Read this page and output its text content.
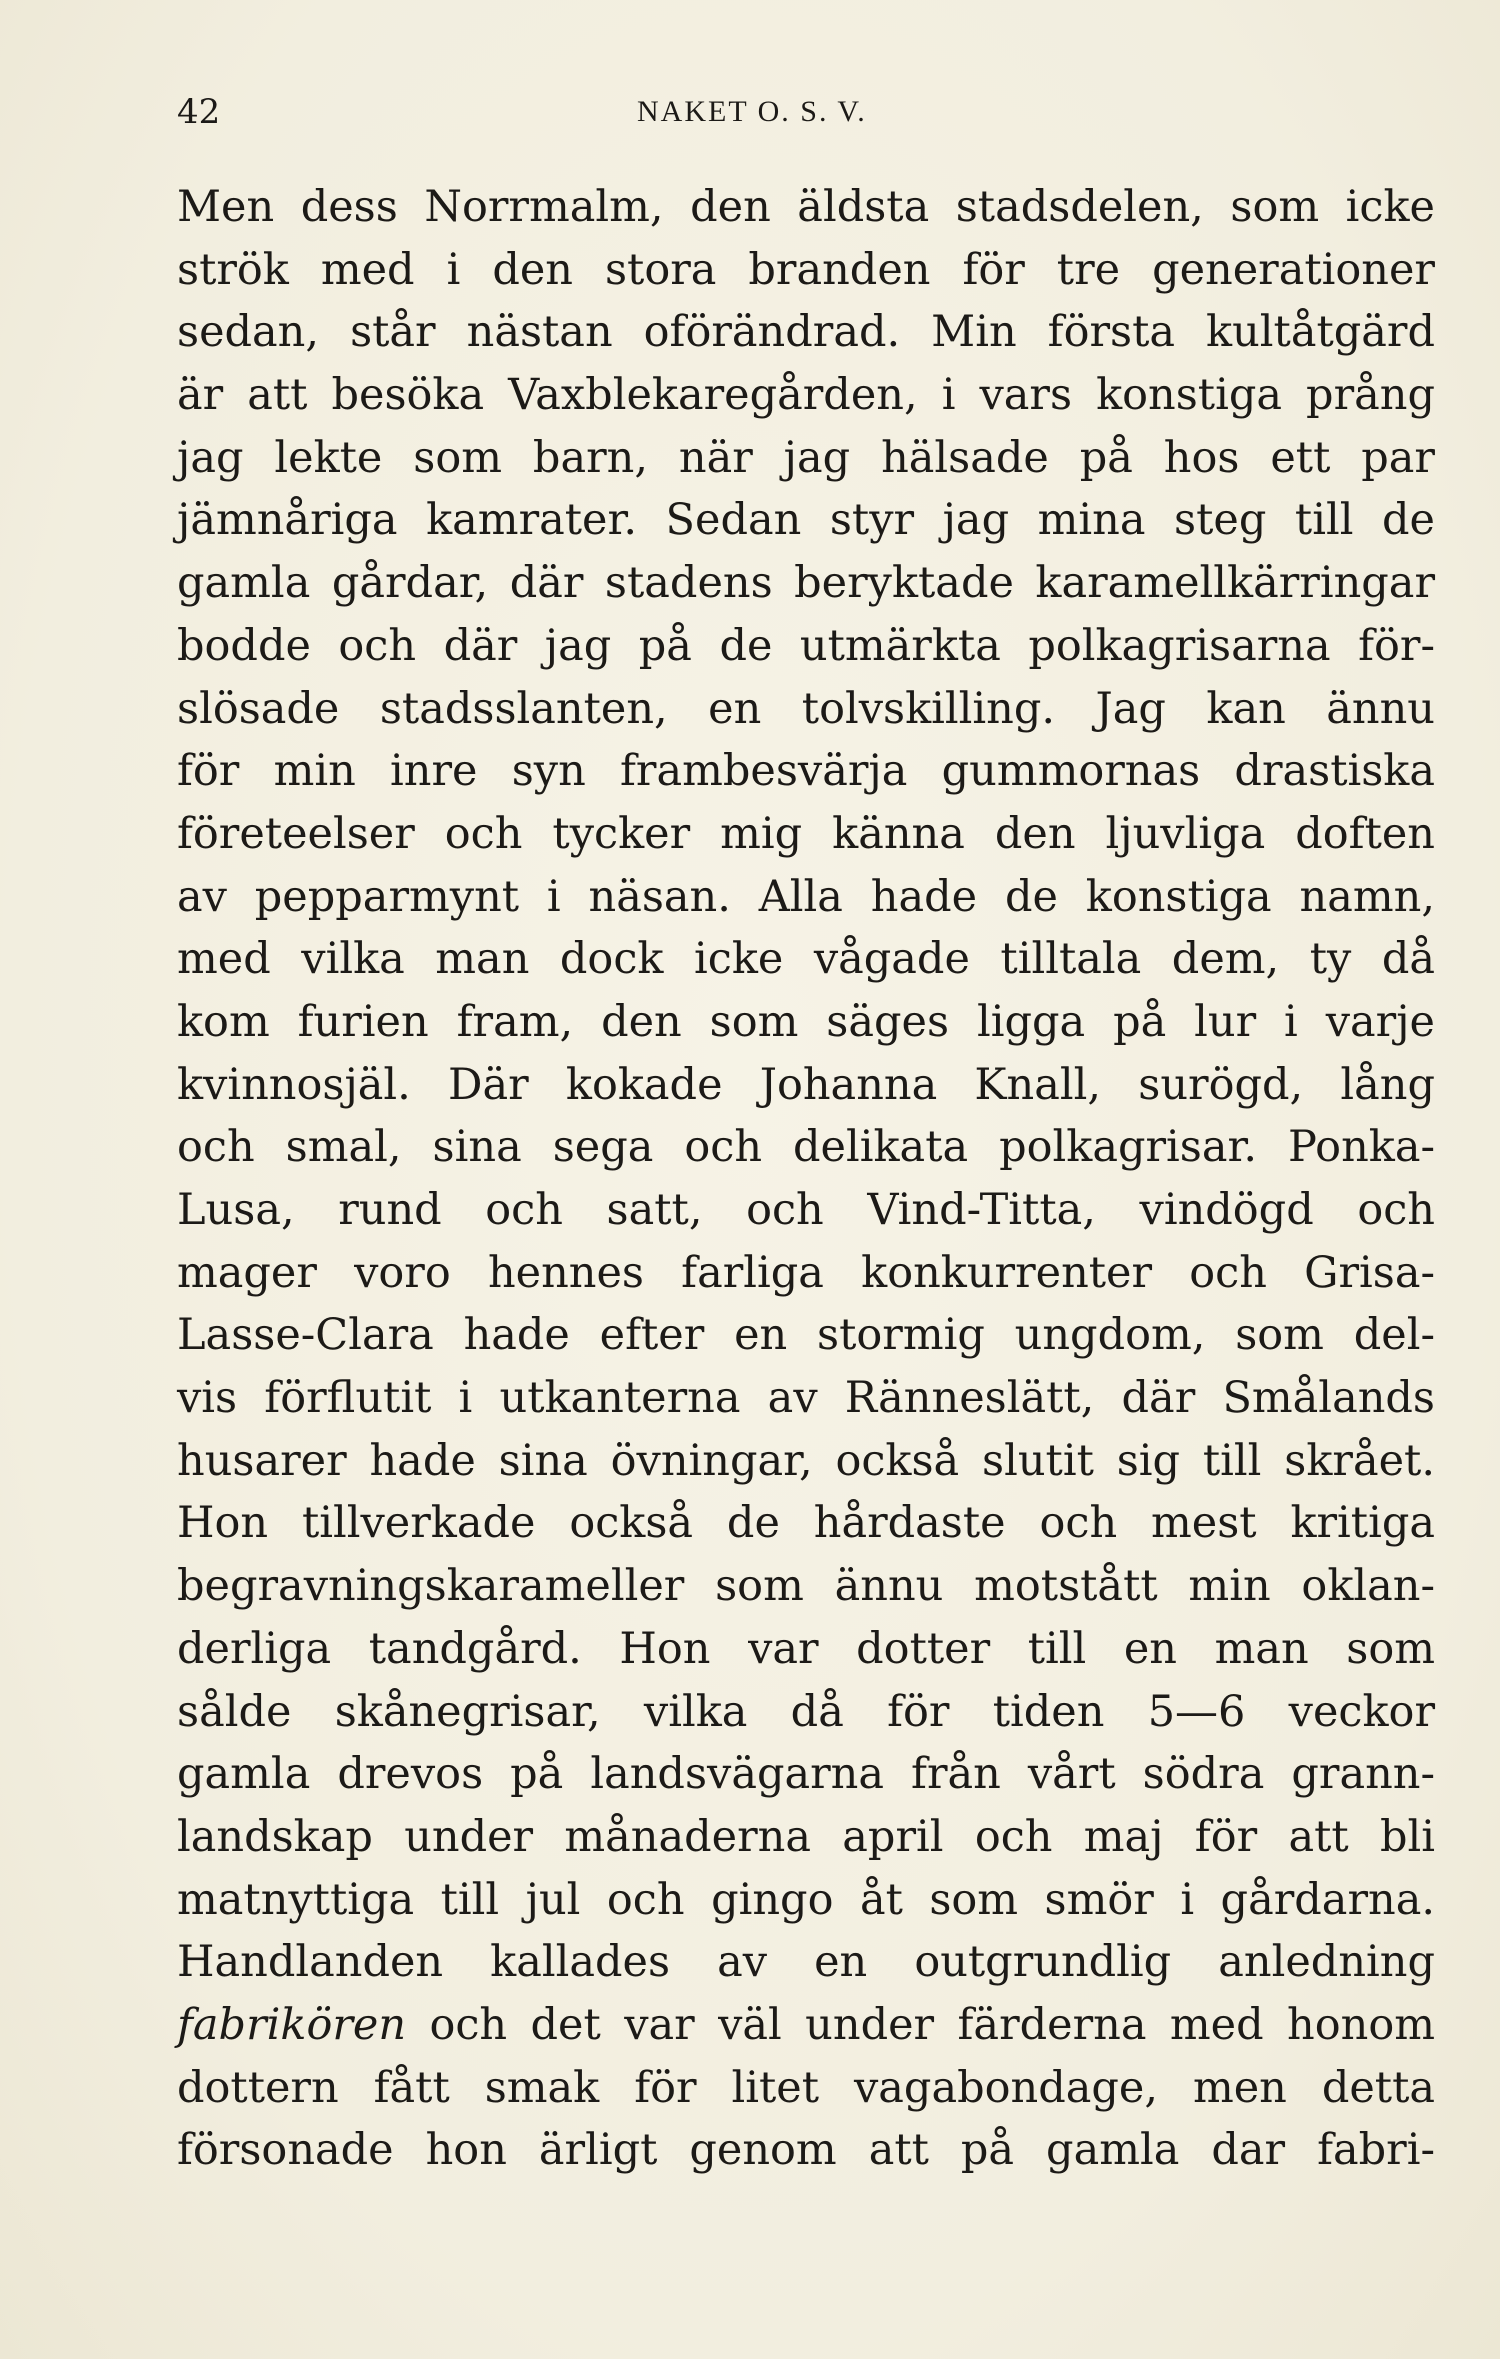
42	NAKET O. S. V.
Men dess Norrmalm, den äldsta stadsdelen, som icke
strök med i den stora branden för tre generationer
sedan, står nästan oförändrad. Min första kultåtgärd
är att besöka Vaxblekaregården, i vars konstiga prång
jag lekte som barn, när jag hälsade på hos ett par
jämnåriga kamrater. Sedan styr jag mina steg till de
gamla gårdar, där stadens beryktade karamellkärringar
bodde och där jag på de utmärkta polkagrisarna för-
slösade stadsslanten, en tolvskilling. Jag kan ännu
för min inre syn frambesvärja gummornas drastiska
företeelser och tycker mig känna den ljuvliga doften
av pepparmynt i näsan. Alla hade de konstiga namn,
med vilka man dock icke vågade tilltala dem, ty då
kom furien fram, den som säges ligga på lur i varje
kvinnosjäl. Där kokade Johanna Knall, surögd, lång
och smal, sina sega och delikata polkagrisar. Ponka-
Lusa, rund och satt, och Vind-Titta, vindögd och
mager voro hennes farliga konkurrenter och Grisa-
Lasse-Clara hade efter en stormig ungdom, som del-
vis förflutit i utkanterna av Ränneslätt, där Smålands
husarer hade sina övningar, också slutit sig till skrået.
Hon tillverkade också de hårdaste och mest kritiga
begravningskarameller som ännu motstått min oklan-
derliga tandgård. Hon var dotter till en man som
sålde skånegrisar, vilka då för tiden 5—6 veckor
gamla drevos på landsvägarna från vårt södra grann-
landskap under månaderna april och maj för att bli
matnyttiga till jul och gingo åt som smör i gårdarna.
Handlanden kallades av en outgrundlig anledning
fabrikören och det var väl under färderna med honom
dottern fått smak för litet vagabondage, men detta
försonade hon ärligt genom att på gamla dar fabri-
